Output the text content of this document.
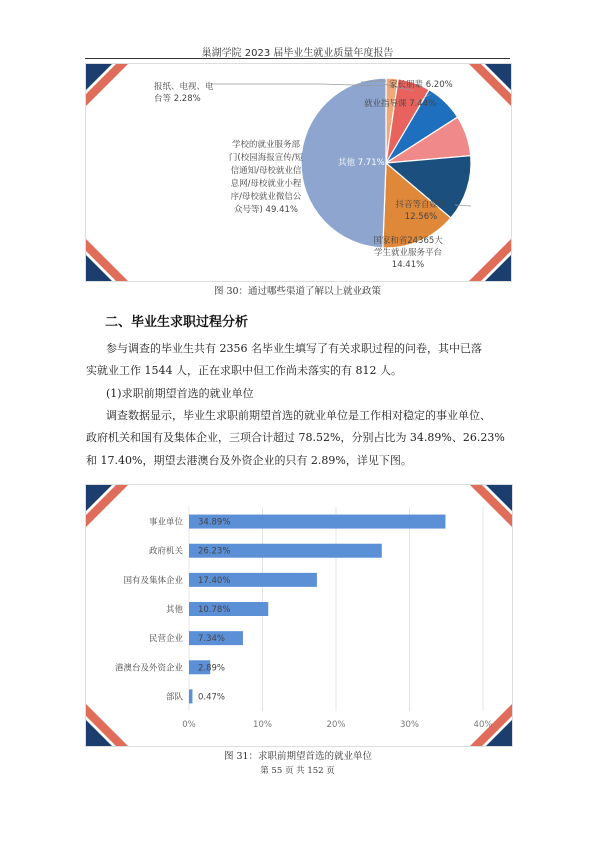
巢湖学院 2023 届毕业生就业质量年度报告
报纸、电视、电台等 2.28%
家长朋辈 6.20%
就业指导课 7.44%
其他 7.71%
抖音等自媒体 12.56%
国家和省24365大学生就业服务平台 14.41%
学校的就业服务部门(校园海报宣传/短信通知/母校就业信息网/母校就业小程序/母校就业微信公众号等) 49.41%
图 30：通过哪些渠道了解以上就业政策
二、毕业生求职过程分析
参与调查的毕业生共有 2356 名毕业生填写了有关求职过程的问卷，其中已落
实就业工作 1544 人，正在求职中但工作尚未落实的有 812 人。
(1)求职前期望首选的就业单位
调查数据显示，毕业生求职前期望首选的就业单位是工作相对稳定的事业单位、
政府机关和国有及集体企业，三项合计超过 78.52%，分别占比为 34.89%、26.23%
和 17.40%，期望去港澳台及外资企业的只有 2.89%，详见下图。
0%	10%	20%	30%	40%
事业单位 34.89%
政府机关 26.23%
国有及集体企业 17.40%
其他 10.78%
民营企业 7.34%
港澳台及外资企业 2.89%
部队 0.47%
图 31：求职前期望首选的就业单位
第 55 页 共 152 页
